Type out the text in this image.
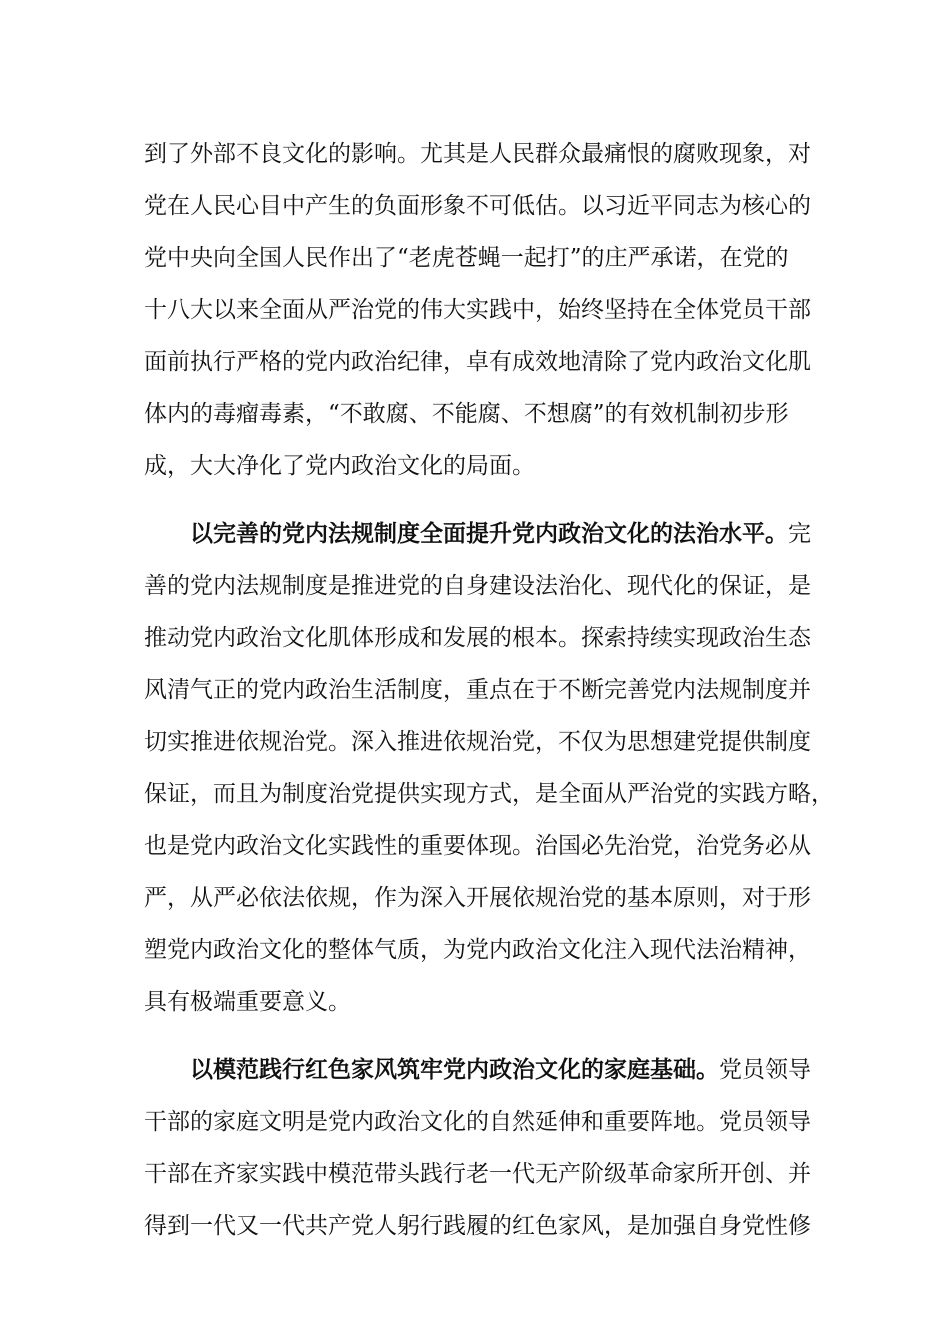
到了外部不良文化的影响。尤其是人民群众最痛恨的腐败现象，对

党在人民心目中产生的负面形象不可低估。以习近平同志为核心的

党中央向全国人民作出了“老虎苍蝇一起打”的庄严承诺，在党的

十八大以来全面从严治党的伟大实践中，始终坚持在全体党员干部

面前执行严格的党内政治纪律，卓有成效地清除了党内政治文化肌

体内的毒瘤毒素，“不敢腐、不能腐、不想腐”的有效机制初步形

成，大大净化了党内政治文化的局面。

以完善的党内法规制度全面提升党内政治文化的法治水平。完

善的党内法规制度是推进党的自身建设法治化、现代化的保证，是

推动党内政治文化肌体形成和发展的根本。探索持续实现政治生态

风清气正的党内政治生活制度，重点在于不断完善党内法规制度并

切实推进依规治党。深入推进依规治党，不仅为思想建党提供制度

保证，而且为制度治党提供实现方式，是全面从严治党的实践方略，

也是党内政治文化实践性的重要体现。治国必先治党，治党务必从

严，从严必依法依规，作为深入开展依规治党的基本原则，对于形

塑党内政治文化的整体气质，为党内政治文化注入现代法治精神，

具有极端重要意义。

以模范践行红色家风筑牢党内政治文化的家庭基础。党员领导

干部的家庭文明是党内政治文化的自然延伸和重要阵地。党员领导

干部在齐家实践中模范带头践行老一代无产阶级革命家所开创、并

得到一代又一代共产党人躬行践履的红色家风，是加强自身党性修
